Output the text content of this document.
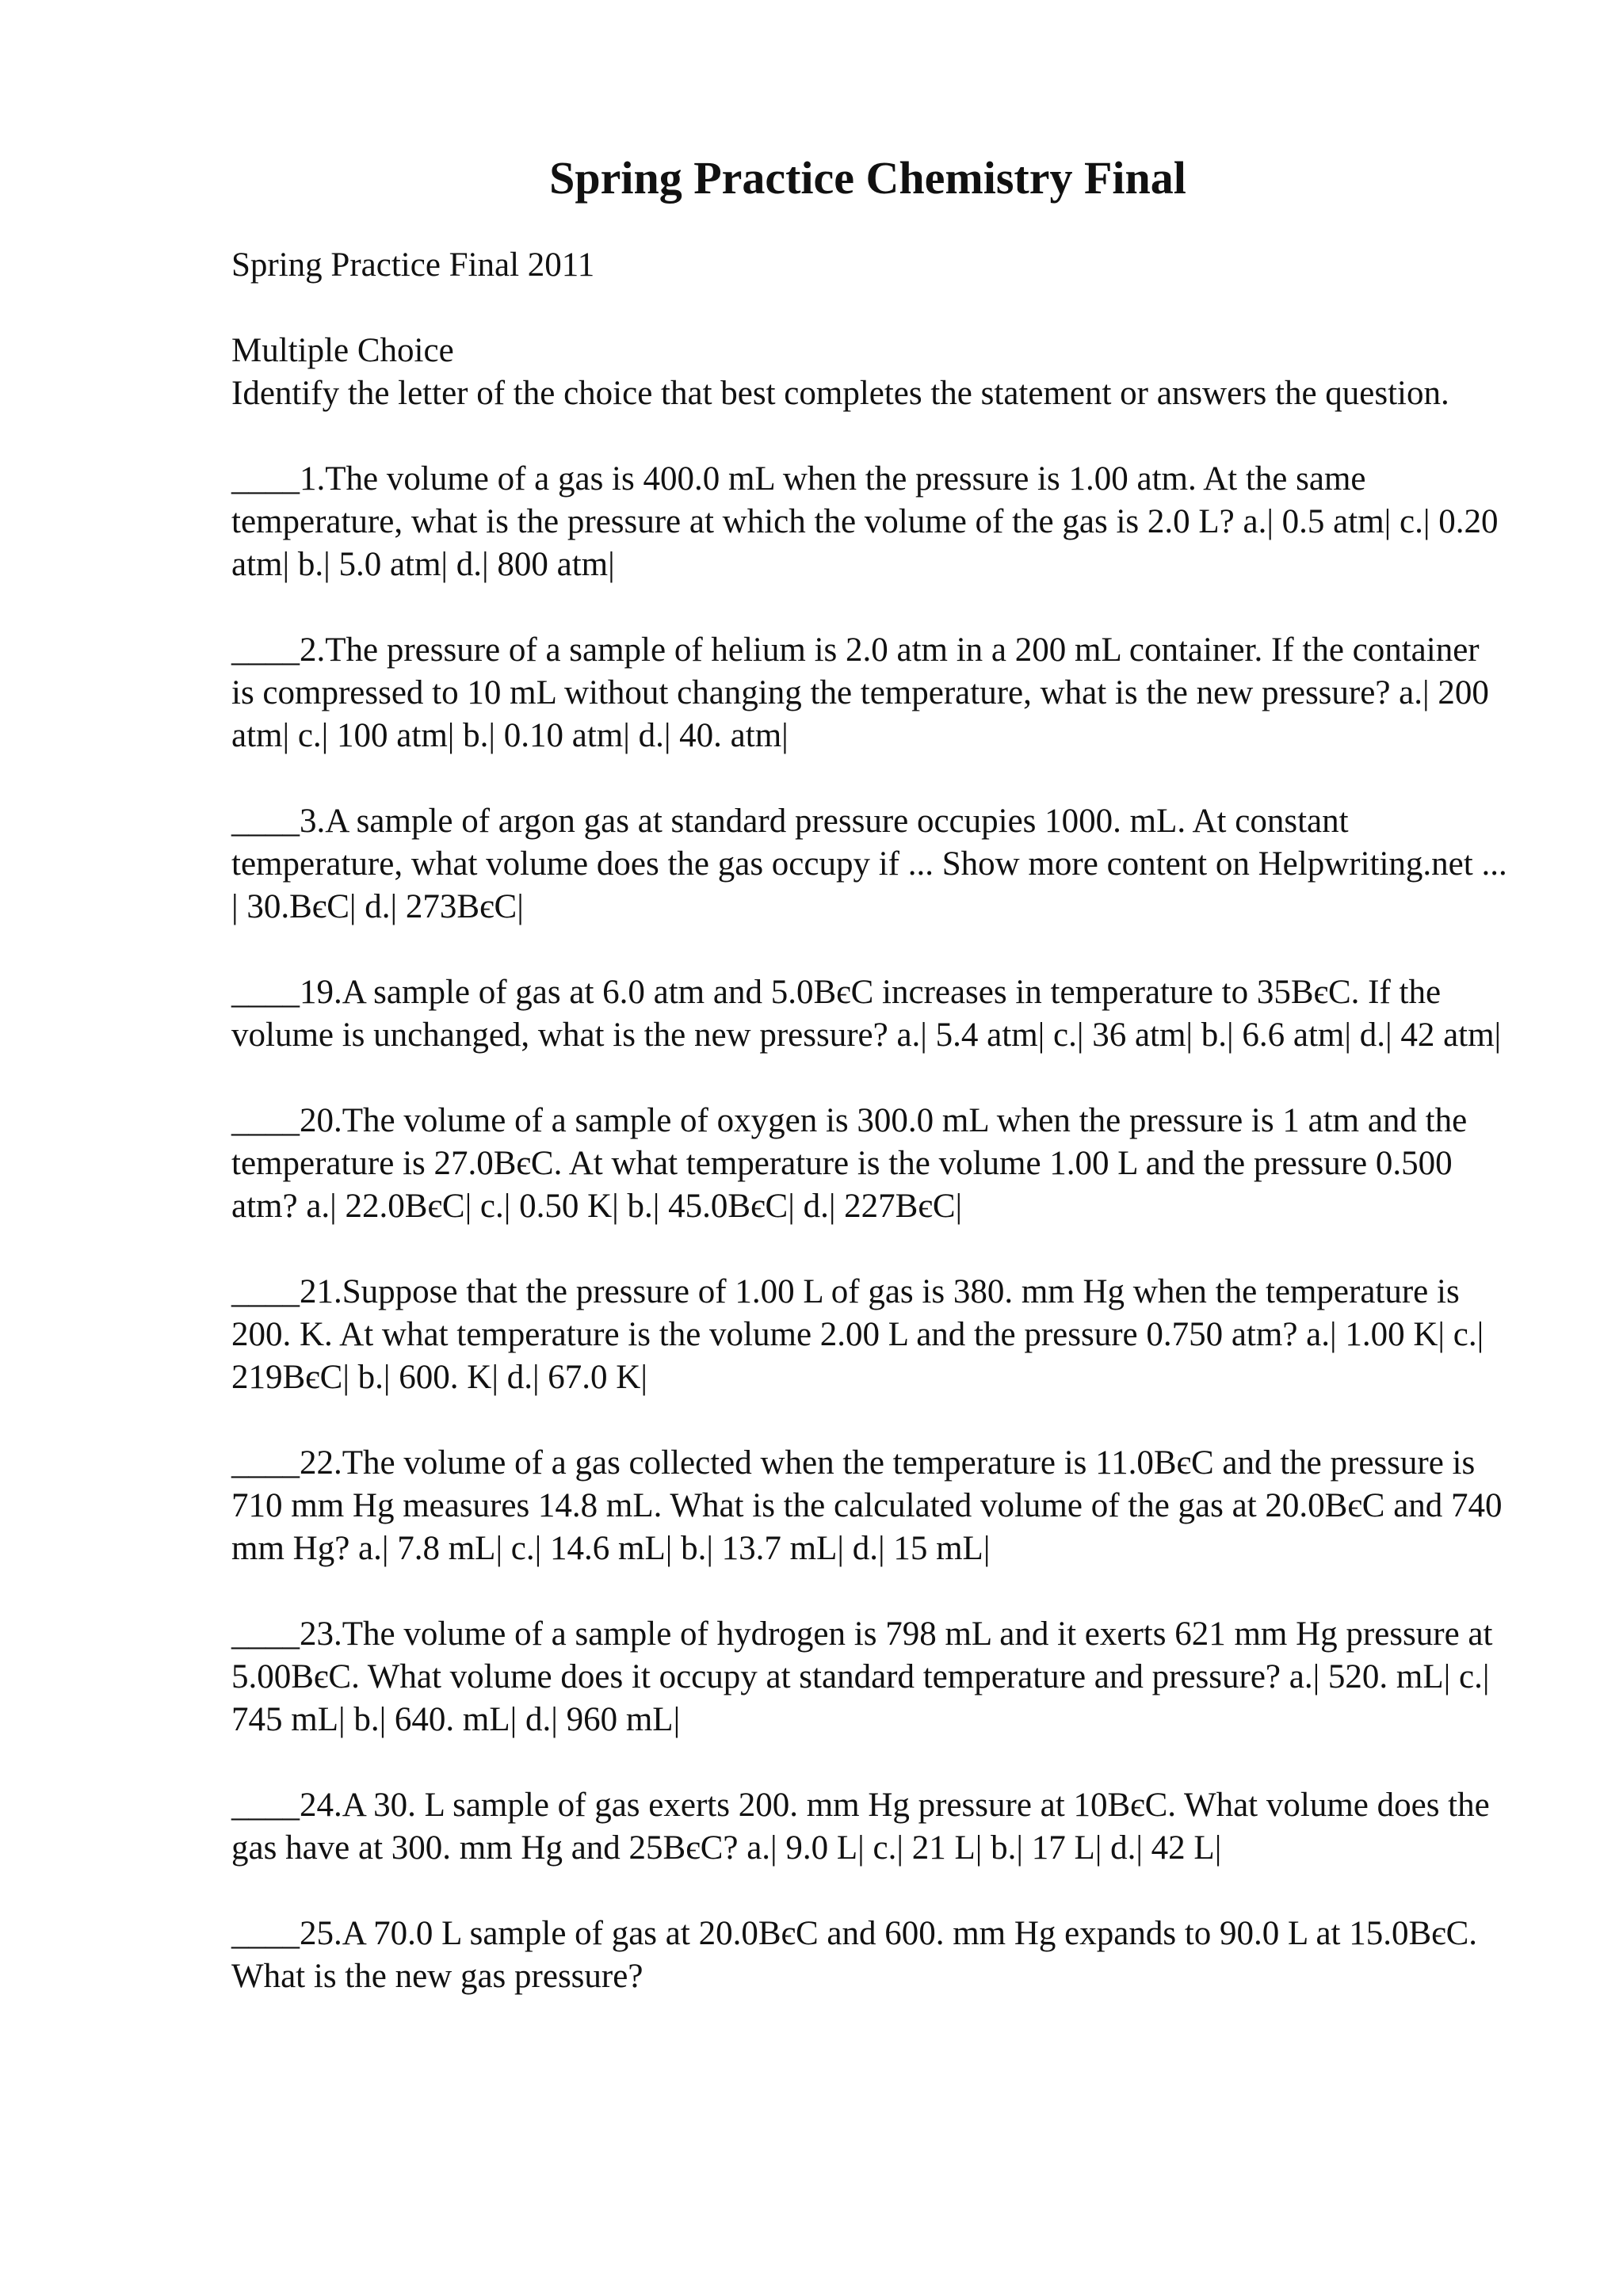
Spring Practice Chemistry Final

Spring Practice Final 2011

Multiple Choice

Identify the letter of the choice that best completes the statement or answers the question.

____1.The volume of a gas is 400.0 mL when the pressure is 1.00 atm. At the same temperature, what is the pressure at which the volume of the gas is 2.0 L? a.| 0.5 atm| c.| 0.20 atm| b.| 5.0 atm| d.| 800 atm|

____2.The pressure of a sample of helium is 2.0 atm in a 200 mL container. If the container is compressed to 10 mL without changing the temperature, what is the new pressure? a.| 200 atm| c.| 100 atm| b.| 0.10 atm| d.| 40. atm|

____3.A sample of argon gas at standard pressure occupies 1000. mL. At constant temperature, what volume does the gas occupy if ... Show more content on Helpwriting.net ...
| 30.BєC| d.| 273BєC|

____19.A sample of gas at 6.0 atm and 5.0BєC increases in temperature to 35BєC. If the volume is unchanged, what is the new pressure? a.| 5.4 atm| c.| 36 atm| b.| 6.6 atm| d.| 42 atm|

____20.The volume of a sample of oxygen is 300.0 mL when the pressure is 1 atm and the temperature is 27.0BєC. At what temperature is the volume 1.00 L and the pressure 0.500 atm? a.| 22.0BєC| c.| 0.50 K| b.| 45.0BєC| d.| 227BєC|

____21.Suppose that the pressure of 1.00 L of gas is 380. mm Hg when the temperature is 200. K. At what temperature is the volume 2.00 L and the pressure 0.750 atm? a.| 1.00 K| c.| 219BєC| b.| 600. K| d.| 67.0 K|

____22.The volume of a gas collected when the temperature is 11.0BєC and the pressure is 710 mm Hg measures 14.8 mL. What is the calculated volume of the gas at 20.0BєC and 740 mm Hg? a.| 7.8 mL| c.| 14.6 mL| b.| 13.7 mL| d.| 15 mL|

____23.The volume of a sample of hydrogen is 798 mL and it exerts 621 mm Hg pressure at 5.00BєC. What volume does it occupy at standard temperature and pressure? a.| 520. mL| c.| 745 mL| b.| 640. mL| d.| 960 mL|

____24.A 30. L sample of gas exerts 200. mm Hg pressure at 10BєC. What volume does the gas have at 300. mm Hg and 25BєC? a.| 9.0 L| c.| 21 L| b.| 17 L| d.| 42 L|

____25.A 70.0 L sample of gas at 20.0BєC and 600. mm Hg expands to 90.0 L at 15.0BєC. What is the new gas pressure?
